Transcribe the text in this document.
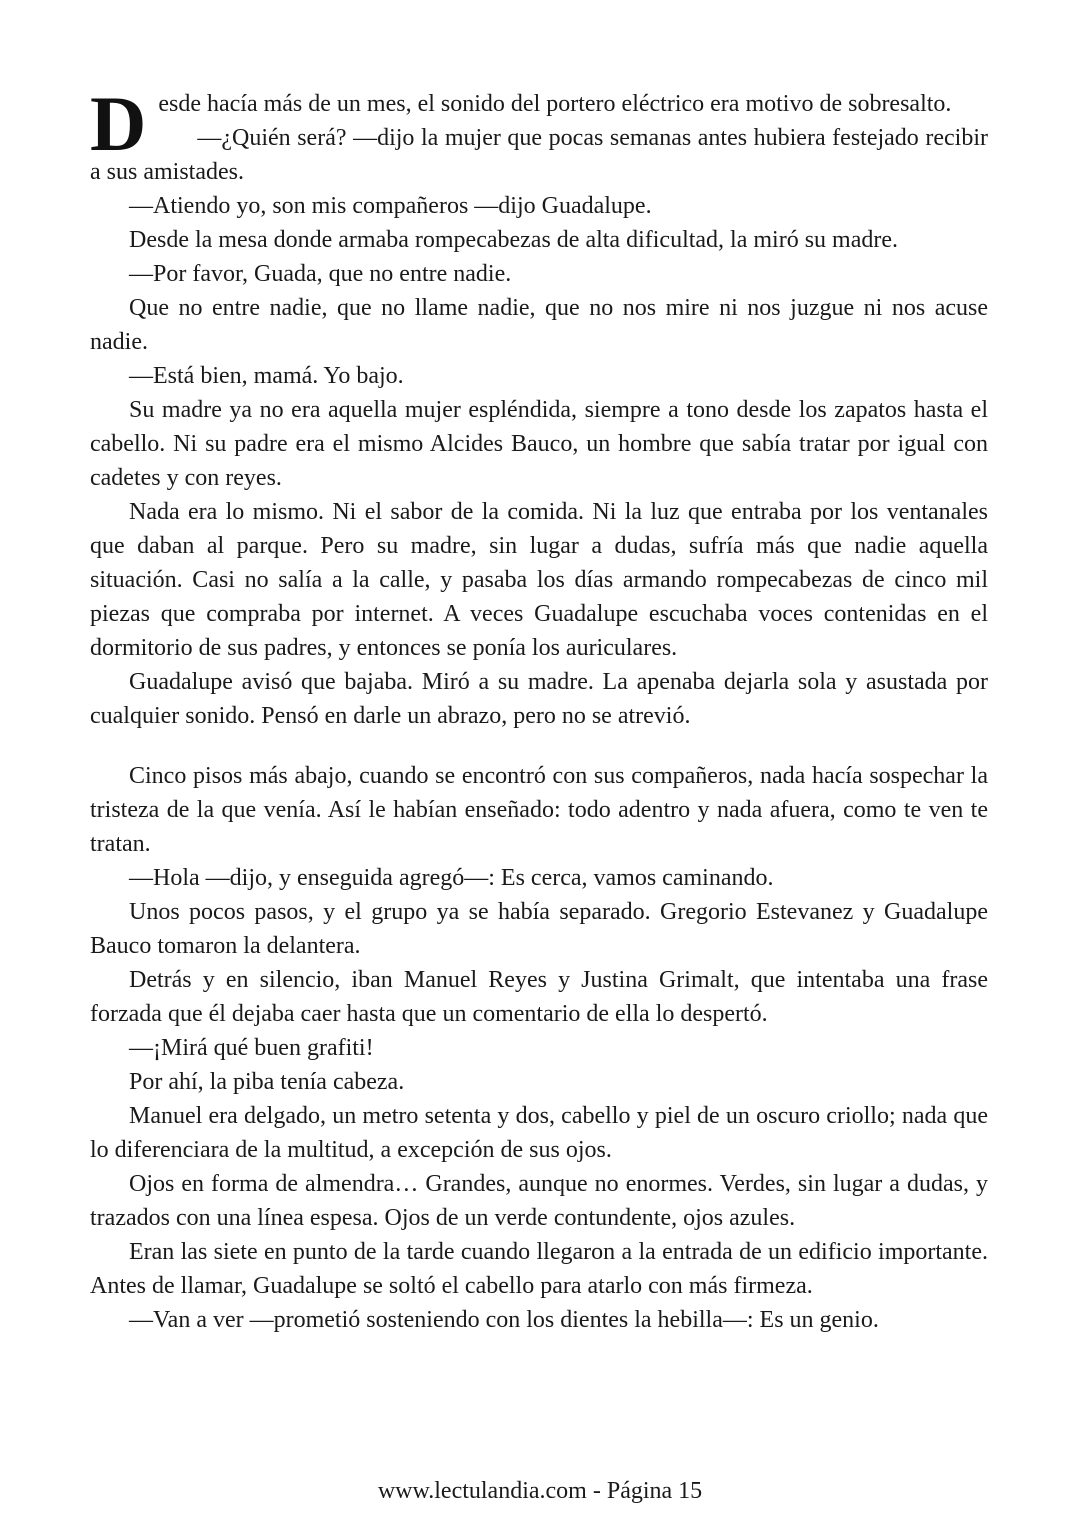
Desde hacía más de un mes, el sonido del portero eléctrico era motivo de sobresalto.

—¿Quién será? —dijo la mujer que pocas semanas antes hubiera festejado recibir a sus amistades.

—Atiendo yo, son mis compañeros —dijo Guadalupe.

Desde la mesa donde armaba rompecabezas de alta dificultad, la miró su madre.

—Por favor, Guada, que no entre nadie.

Que no entre nadie, que no llame nadie, que no nos mire ni nos juzgue ni nos acuse nadie.

—Está bien, mamá. Yo bajo.

Su madre ya no era aquella mujer espléndida, siempre a tono desde los zapatos hasta el cabello. Ni su padre era el mismo Alcides Bauco, un hombre que sabía tratar por igual con cadetes y con reyes.

Nada era lo mismo. Ni el sabor de la comida. Ni la luz que entraba por los ventanales que daban al parque. Pero su madre, sin lugar a dudas, sufría más que nadie aquella situación. Casi no salía a la calle, y pasaba los días armando rompecabezas de cinco mil piezas que compraba por internet. A veces Guadalupe escuchaba voces contenidas en el dormitorio de sus padres, y entonces se ponía los auriculares.

Guadalupe avisó que bajaba. Miró a su madre. La apenaba dejarla sola y asustada por cualquier sonido. Pensó en darle un abrazo, pero no se atrevió.

Cinco pisos más abajo, cuando se encontró con sus compañeros, nada hacía sospechar la tristeza de la que venía. Así le habían enseñado: todo adentro y nada afuera, como te ven te tratan.

—Hola —dijo, y enseguida agregó—: Es cerca, vamos caminando.

Unos pocos pasos, y el grupo ya se había separado. Gregorio Estevanez y Guadalupe Bauco tomaron la delantera.

Detrás y en silencio, iban Manuel Reyes y Justina Grimalt, que intentaba una frase forzada que él dejaba caer hasta que un comentario de ella lo despertó.

—¡Mirá qué buen grafiti!

Por ahí, la piba tenía cabeza.

Manuel era delgado, un metro setenta y dos, cabello y piel de un oscuro criollo; nada que lo diferenciara de la multitud, a excepción de sus ojos.

Ojos en forma de almendra… Grandes, aunque no enormes. Verdes, sin lugar a dudas, y trazados con una línea espesa. Ojos de un verde contundente, ojos azules.

Eran las siete en punto de la tarde cuando llegaron a la entrada de un edificio importante. Antes de llamar, Guadalupe se soltó el cabello para atarlo con más firmeza.

—Van a ver —prometió sosteniendo con los dientes la hebilla—: Es un genio.

www.lectulandia.com - Página 15
